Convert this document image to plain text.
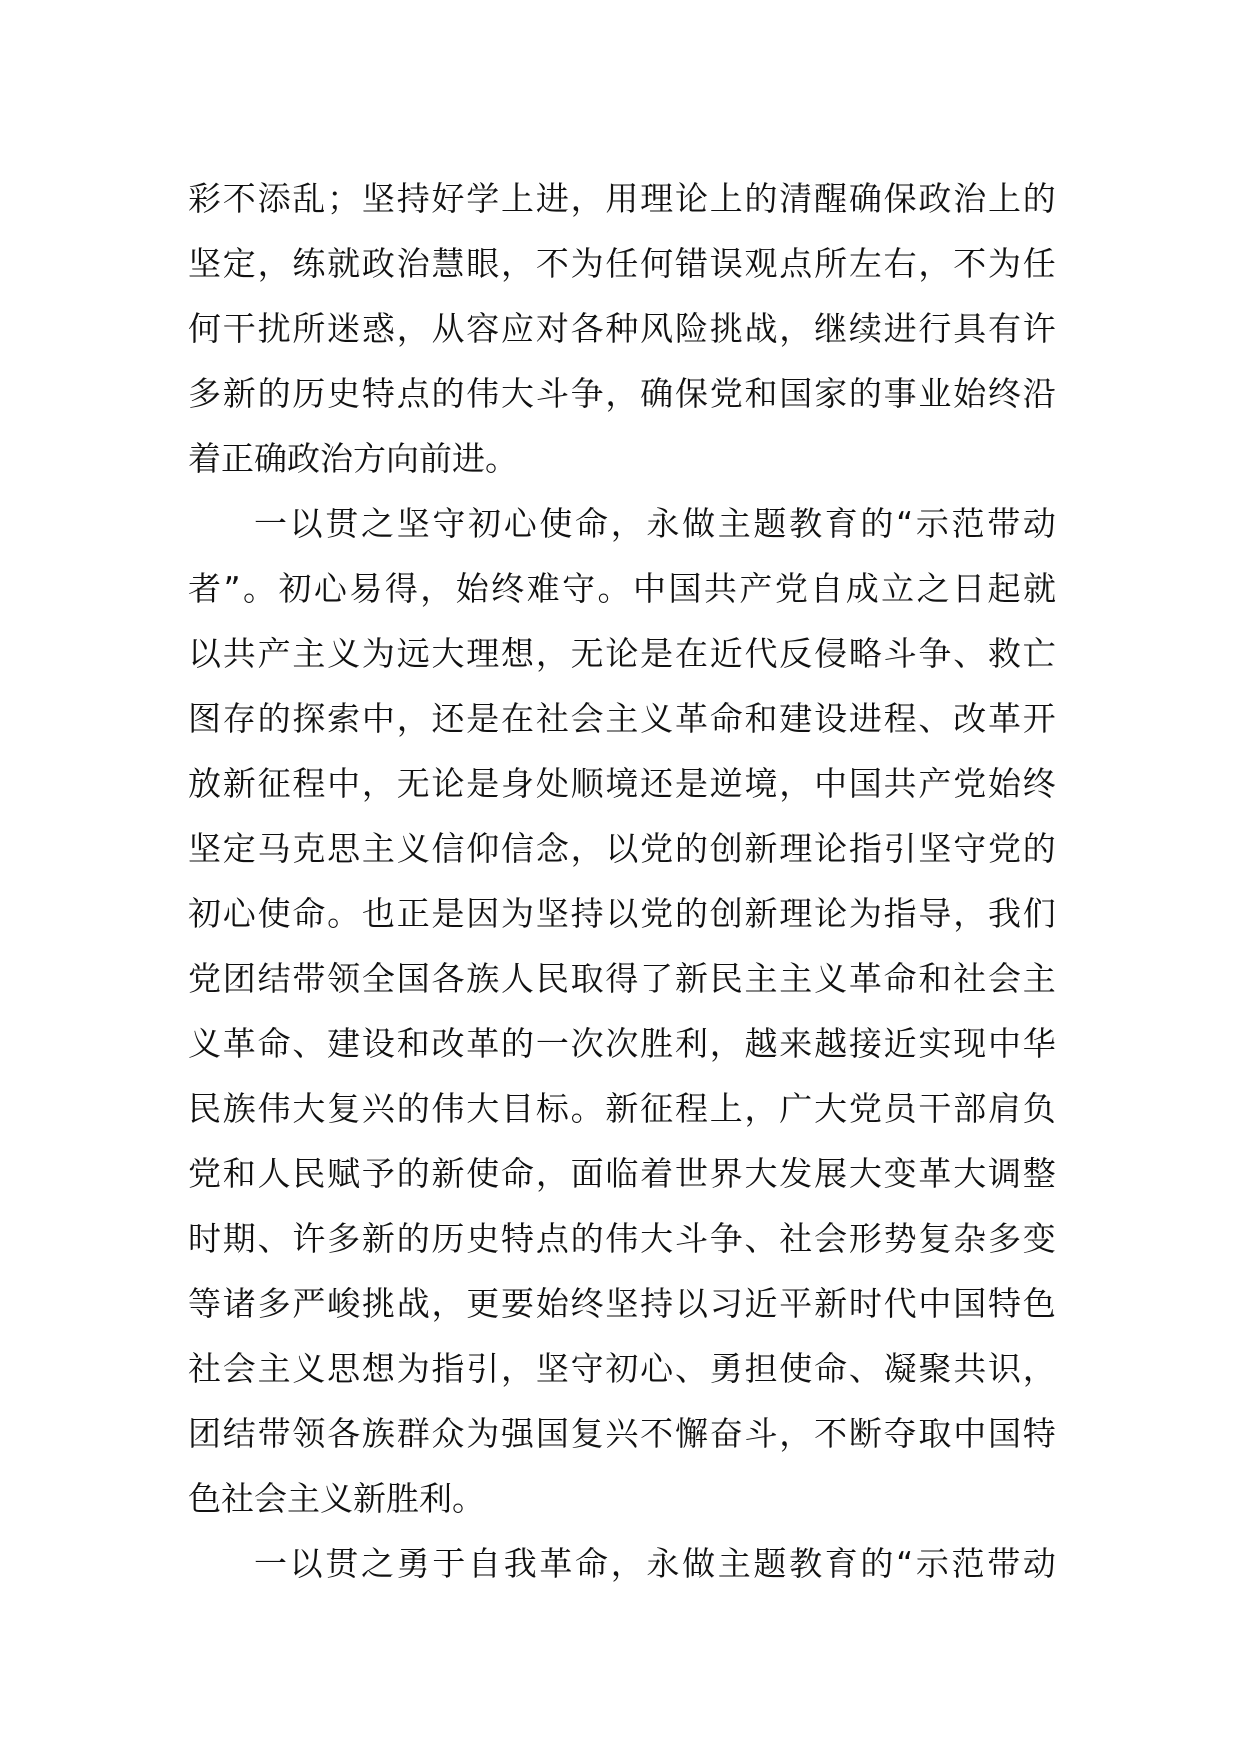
彩 不 添 乱 ； 坚 持 好 学 上 进 ， 用 理 论 上 的 清 醒 确 保 政 治 上 的
坚 定 ， 练 就 政 治 慧 眼 ， 不 为 任 何 错 误 观 点 所 左 右 ， 不 为 任
何 干 扰 所 迷 惑 ， 从 容 应 对 各 种 风 险 挑 战 ， 继 续 进 行 具 有 许
多 新 的 历 史 特 点 的 伟 大 斗 争 ， 确 保 党 和 国 家 的 事 业 始 终 沿
着正确政治方向前进。
一 以 贯 之 坚 守 初 心 使 命 ， 永 做 主 题 教 育 的 “ 示 范 带 动
者 ” 。 初 心 易 得 ， 始 终 难 守 。 中 国 共 产 党 自 成 立 之 日 起 就
以 共 产 主 义 为 远 大 理 想 ， 无 论 是 在 近 代 反 侵 略 斗 争 、 救 亡
图 存 的 探 索 中 ， 还 是 在 社 会 主 义 革 命 和 建 设 进 程 、 改 革 开
放 新 征 程 中 ， 无 论 是 身 处 顺 境 还 是 逆 境 ， 中 国 共 产 党 始 终
坚 定 马 克 思 主 义 信 仰 信 念 ， 以 党 的 创 新 理 论 指 引 坚 守 党 的
初 心 使 命 。 也 正 是 因 为 坚 持 以 党 的 创 新 理 论 为 指 导 ， 我 们
党 团 结 带 领 全 国 各 族 人 民 取 得 了 新 民 主 主 义 革 命 和 社 会 主
义 革 命 、 建 设 和 改 革 的 一 次 次 胜 利 ， 越 来 越 接 近 实 现 中 华
民 族 伟 大 复 兴 的 伟 大 目 标 。 新 征 程 上 ， 广 大 党 员 干 部 肩 负
党 和 人 民 赋 予 的 新 使 命 ， 面 临 着 世 界 大 发 展 大 变 革 大 调 整
时 期 、 许 多 新 的 历 史 特 点 的 伟 大 斗 争 、 社 会 形 势 复 杂 多 变
等 诸 多 严 峻 挑 战 ， 更 要 始 终 坚 持 以 习 近 平 新 时 代 中 国 特 色
社 会 主 义 思 想 为 指 引 ， 坚 守 初 心 、 勇 担 使 命 、 凝 聚 共 识 ，
团 结 带 领 各 族 群 众 为 强 国 复 兴 不 懈 奋 斗 ， 不 断 夺 取 中 国 特
色社会主义新胜利。
一 以 贯 之 勇 于 自 我 革 命 ， 永 做 主 题 教 育 的 “ 示 范 带 动
